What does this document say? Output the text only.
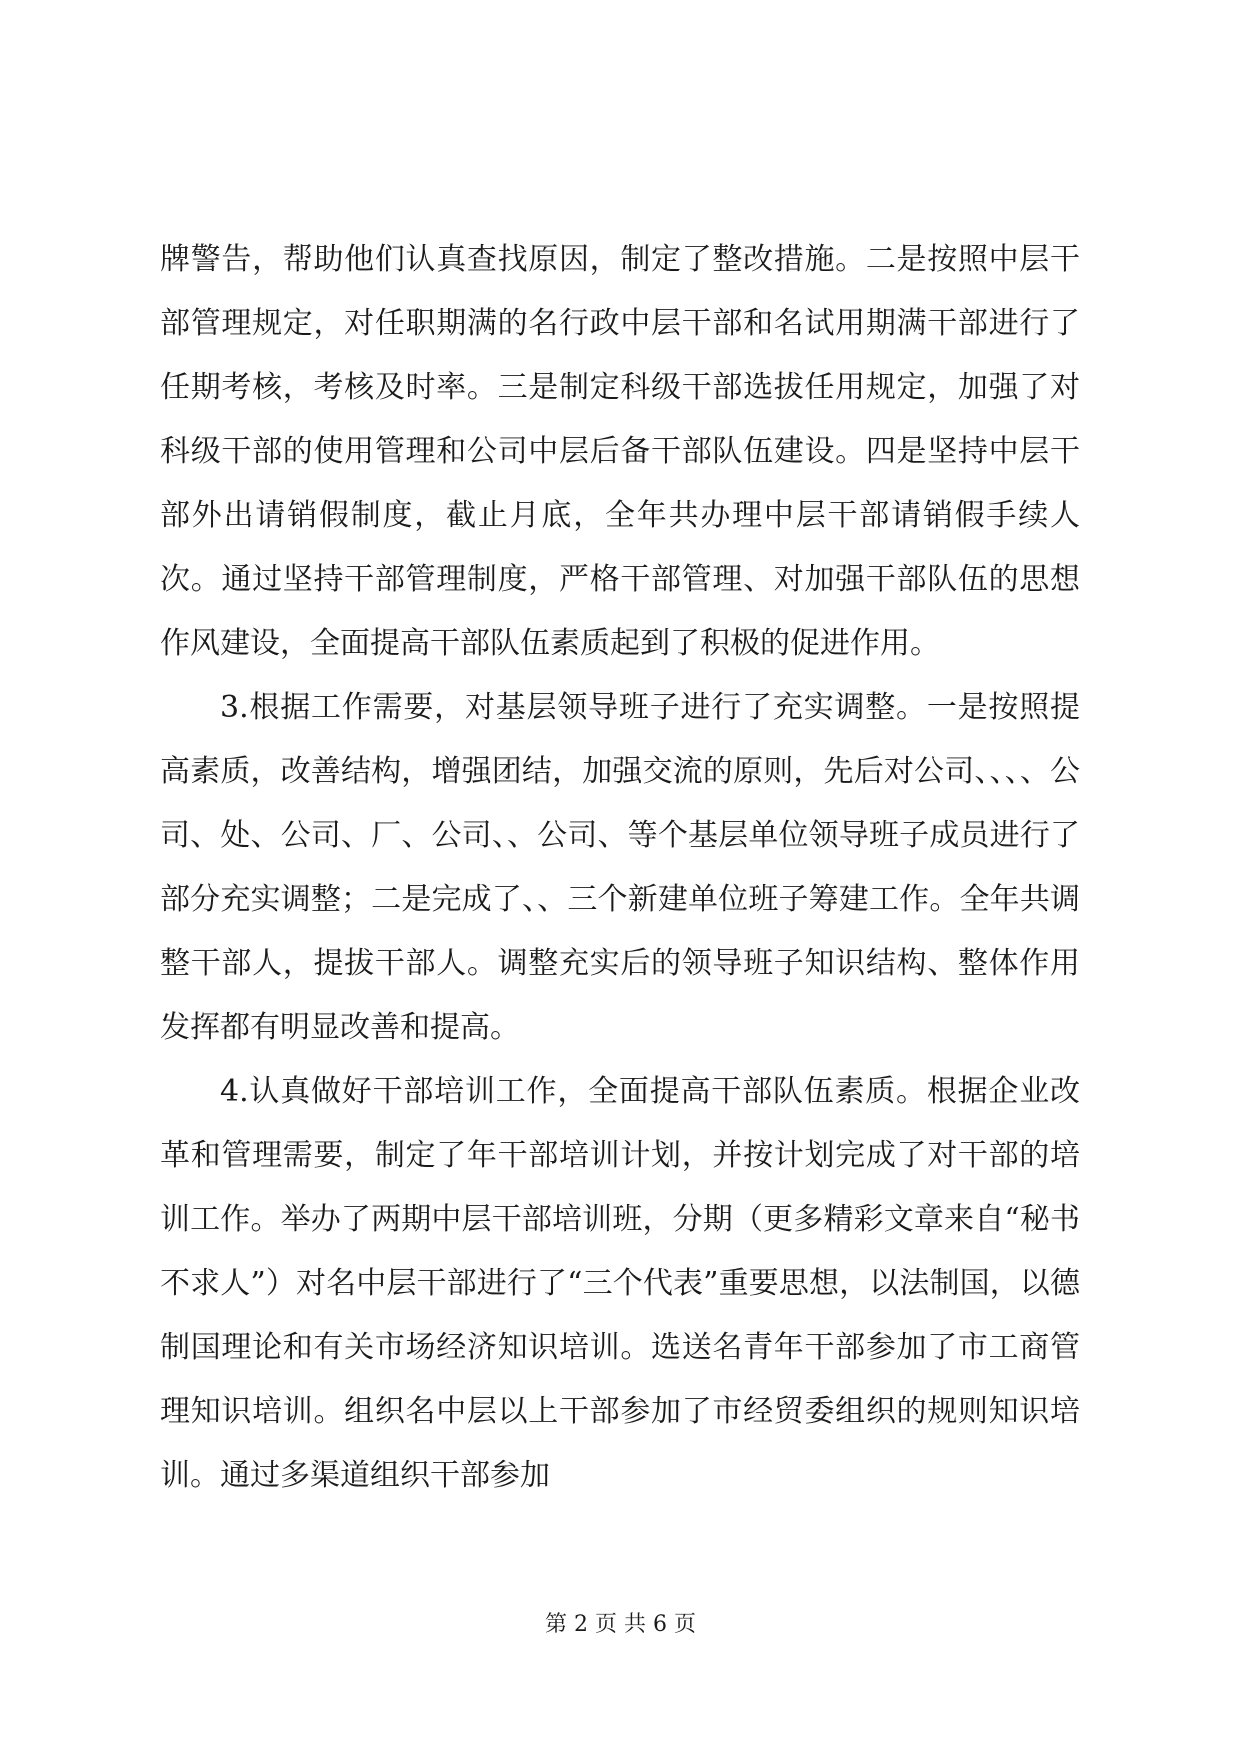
牌警告，帮助他们认真查找原因，制定了整改措施。二是按照中层干部管理规定，对任职期满的名行政中层干部和名试用期满干部进行了任期考核，考核及时率。三是制定科级干部选拔任用规定，加强了对科级干部的使用管理和公司中层后备干部队伍建设。四是坚持中层干部外出请销假制度，截止月底，全年共办理中层干部请销假手续人次。通过坚持干部管理制度，严格干部管理、对加强干部队伍的思想作风建设，全面提高干部队伍素质起到了积极的促进作用。

3.根据工作需要，对基层领导班子进行了充实调整。一是按照提高素质，改善结构，增强团结，加强交流的原则，先后对公司、、、、公司、处、公司、厂、公司、、公司、等个基层单位领导班子成员进行了部分充实调整；二是完成了、、三个新建单位班子筹建工作。全年共调整干部人，提拔干部人。调整充实后的领导班子知识结构、整体作用发挥都有明显改善和提高。

4.认真做好干部培训工作，全面提高干部队伍素质。根据企业改革和管理需要，制定了年干部培训计划，并按计划完成了对干部的培训工作。举办了两期中层干部培训班，分期（更多精彩文章来自“秘书不求人”）对名中层干部进行了“三个代表”重要思想，以法制国，以德制国理论和有关市场经济知识培训。选送名青年干部参加了市工商管理知识培训。组织名中层以上干部参加了市经贸委组织的规则知识培训。通过多渠道组织干部参加

第 2 页 共 6 页
